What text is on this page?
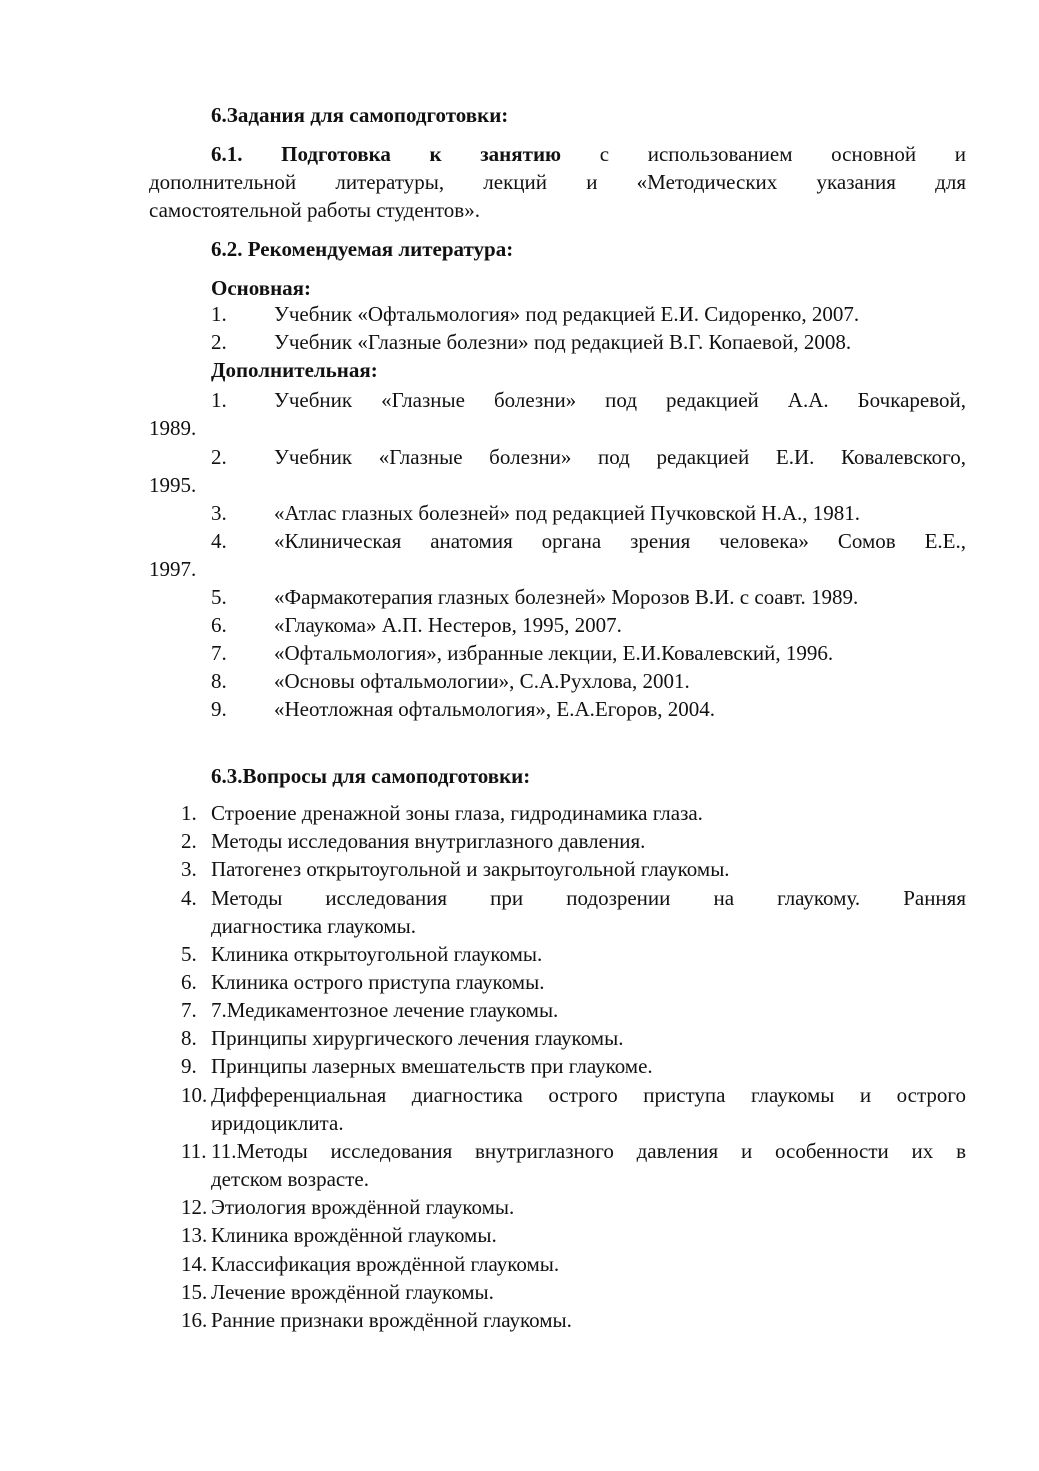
6.Задания для самоподготовки:
6.1. Подготовка к занятию с использованием основной и
дополнительной литературы, лекций и «Методических указания для
самостоятельной работы студентов».
6.2. Рекомендуемая литература:
Основная:
1. Учебник «Офтальмология» под редакцией Е.И. Сидоренко, 2007.
2. Учебник «Глазные болезни» под редакцией В.Г. Копаевой, 2008.
Дополнительная:
1. Учебник «Глазные болезни» под редакцией А.А. Бочкаревой,
1989.
2. Учебник «Глазные болезни» под редакцией Е.И. Ковалевского,
1995.
3. «Атлас глазных болезней» под редакцией Пучковской Н.А., 1981.
4. «Клиническая анатомия органа зрения человека» Сомов Е.Е.,
1997.
5. «Фармакотерапия глазных болезней» Морозов В.И. с соавт. 1989.
6. «Глаукома» А.П. Нестеров, 1995, 2007.
7. «Офтальмология», избранные лекции, Е.И.Ковалевский, 1996.
8. «Основы офтальмологии», С.А.Рухлова, 2001.
9. «Неотложная офтальмология», Е.А.Егоров, 2004.
6.3.Вопросы для самоподготовки:
1. Строение дренажной зоны глаза, гидродинамика глаза.
2. Методы исследования внутриглазного давления.
3. Патогенез открытоугольной и закрытоугольной глаукомы.
4. Методы исследования при подозрении на глаукому. Ранняя
диагностика глаукомы.
5. Клиника открытоугольной глаукомы.
6. Клиника острого приступа глаукомы.
7. 7.Медикаментозное лечение глаукомы.
8. Принципы хирургического лечения глаукомы.
9. Принципы лазерных вмешательств при глаукоме.
10. Дифференциальная диагностика острого приступа глаукомы и острого
иридоциклита.
11. 11.Методы исследования внутриглазного давления и особенности их в
детском возрасте.
12. Этиология врождённой глаукомы.
13. Клиника врождённой глаукомы.
14. Классификация врождённой глаукомы.
15. Лечение врождённой глаукомы.
16. Ранние признаки врождённой глаукомы.
